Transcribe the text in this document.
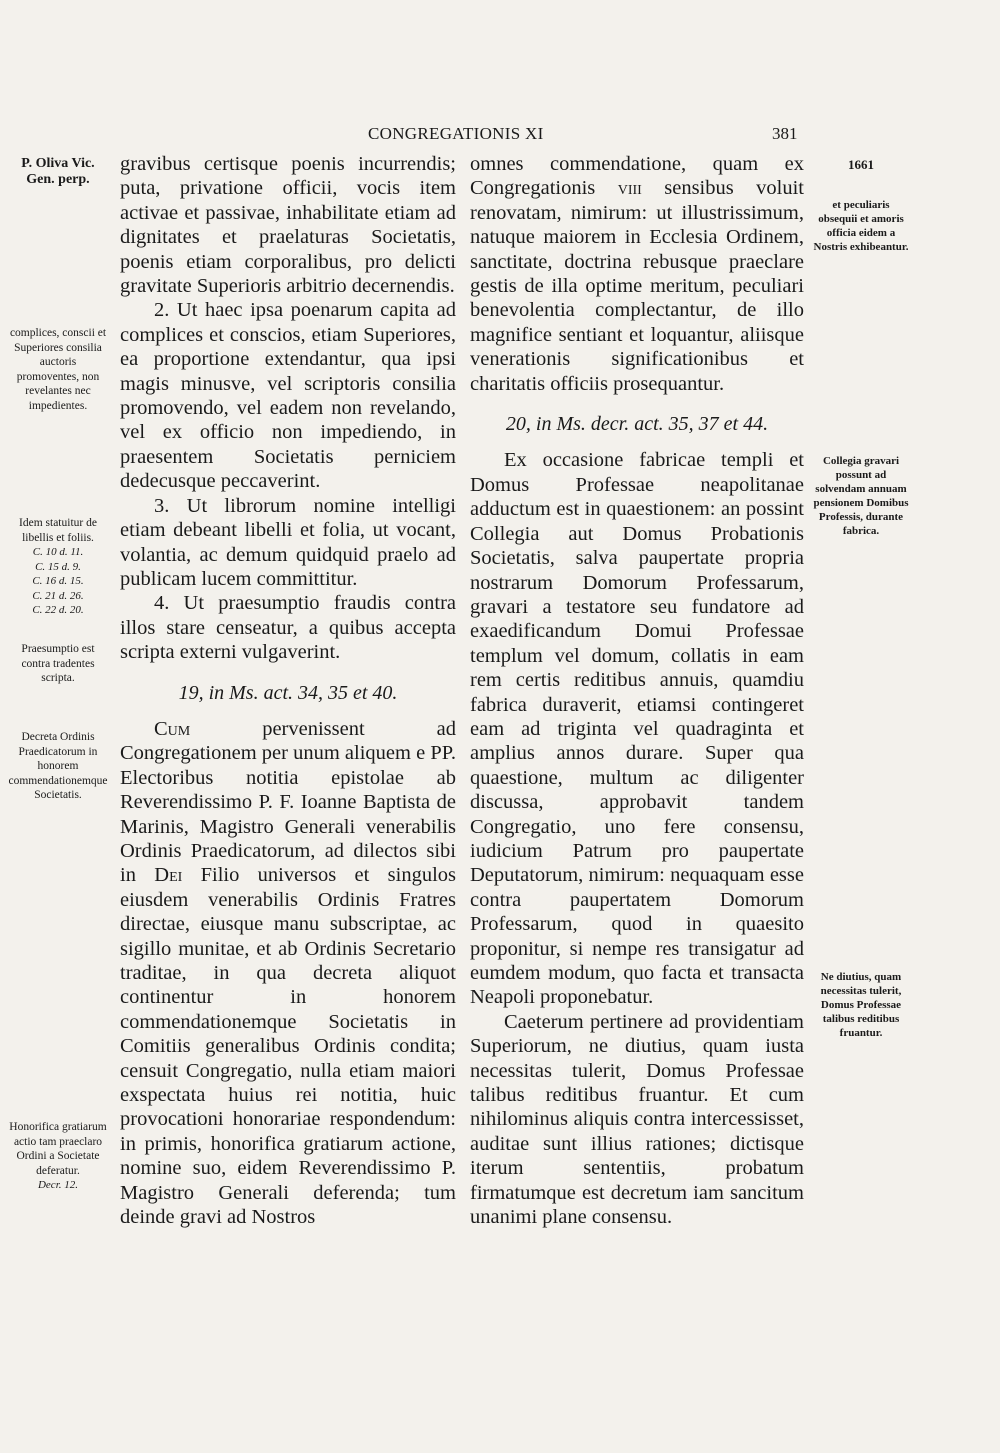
CONGREGATIONIS XI	381
P. Oliva Vic. Gen. perp.
complices, conscii et Superiores consilia auctoris promoventes, non revelantes nec impedientes.
Idem statuitur de libellis et foliis.
C. 10 d. 11.
C. 15 d. 9.
C. 16 d. 15.
C. 21 d. 26.
C. 22 d. 20.
Praesumptio est contra tradentes scripta.
Decreta Ordinis Praedicatorum in honorem commendationemque Societatis.
Honorifica gratiarum actio tam praeclaro Ordini a Societate deferatur.
Decr. 12.
1661
et peculiaris obsequii et amoris officia eidem a Nostris exhibeantur.
Collegia gravari possunt ad solvendam annuam pensionem Domibus Professis, durante fabrica.
Ne diutius, quam necessitas tulerit, Domus Professae talibus reditibus fruantur.

gravibus certisque poenis incurrendis; puta, privatione officii, vocis item activae et passivae, inhabilitate etiam ad dignitates et praelaturas Societatis, poenis etiam corporalibus, pro delicti gravitate Superioris arbitrio decernendis.

2. Ut haec ipsa poenarum capita ad complices et conscios, etiam Superiores, ea proportione extendantur, qua ipsi magis minusve, vel scriptoris consilia promovendo, vel eadem non revelando, vel ex officio non impediendo, in praesentem Societatis perniciem dedecusque peccaverint.

3. Ut librorum nomine intelligi etiam debeant libelli et folia, ut vocant, volantia, ac demum quidquid praelo ad publicam lucem committitur.

4. Ut praesumptio fraudis contra illos stare censeatur, a quibus accepta scripta externi vulgaverint.

19, in Ms. act. 34, 35 et 40.

Cum pervenissent ad Congregationem per unum aliquem e PP. Electoribus notitia epistolae ab Reverendissimo P. F. Ioanne Baptista de Marinis, Magistro Generali venerabilis Ordinis Praedicatorum, ad dilectos sibi in Dei Filio universos et singulos eiusdem venerabilis Ordinis Fratres directae, eiusque manu subscriptae, ac sigillo munitae, et ab Ordinis Secretario traditae, in qua decreta aliquot continentur in honorem commendationemque Societatis in Comitiis generalibus Ordinis condita; censuit Congregatio, nulla etiam maiori exspectata huius rei notitia, huic provocationi honorariae respondendum: in primis, honorifica gratiarum actione, nomine suo, eidem Reverendissimo P. Magistro Generali deferenda; tum deinde gravi ad Nostros

omnes commendatione, quam ex Congregationis viii sensibus voluit renovatam, nimirum: ut illustrissimum, natuque maiorem in Ecclesia Ordinem, sanctitate, doctrina rebusque praeclare gestis de illa optime meritum, peculiari benevolentia complectantur, de illo magnifice sentiant et loquantur, aliisque venerationis significationibus et charitatis officiis prosequantur.

20, in Ms. decr. act. 35, 37 et 44.

Ex occasione fabricae templi et Domus Professae neapolitanae adductum est in quaestionem: an possint Collegia aut Domus Probationis Societatis, salva paupertate propria nostrarum Domorum Professarum, gravari a testatore seu fundatore ad exaedificandum Domui Professae templum vel domum, collatis in eam rem certis reditibus annuis, quamdiu fabrica duraverit, etiamsi contingeret eam ad triginta vel quadraginta et amplius annos durare. Super qua quaestione, multum ac diligenter discussa, approbavit tandem Congregatio, uno fere consensu, iudicium Patrum pro paupertate Deputatorum, nimirum: nequaquam esse contra paupertatem Domorum Professarum, quod in quaesito proponitur, si nempe res transigatur ad eumdem modum, quo facta et transacta Neapoli proponebatur.

Caeterum pertinere ad providentiam Superiorum, ne diutius, quam iusta necessitas tulerit, Domus Professae talibus reditibus fruantur. Et cum nihilominus aliquis contra intercessisset, auditae sunt illius rationes; dictisque iterum sententiis, probatum firmatumque est decretum iam sancitum unanimi plane consensu.
